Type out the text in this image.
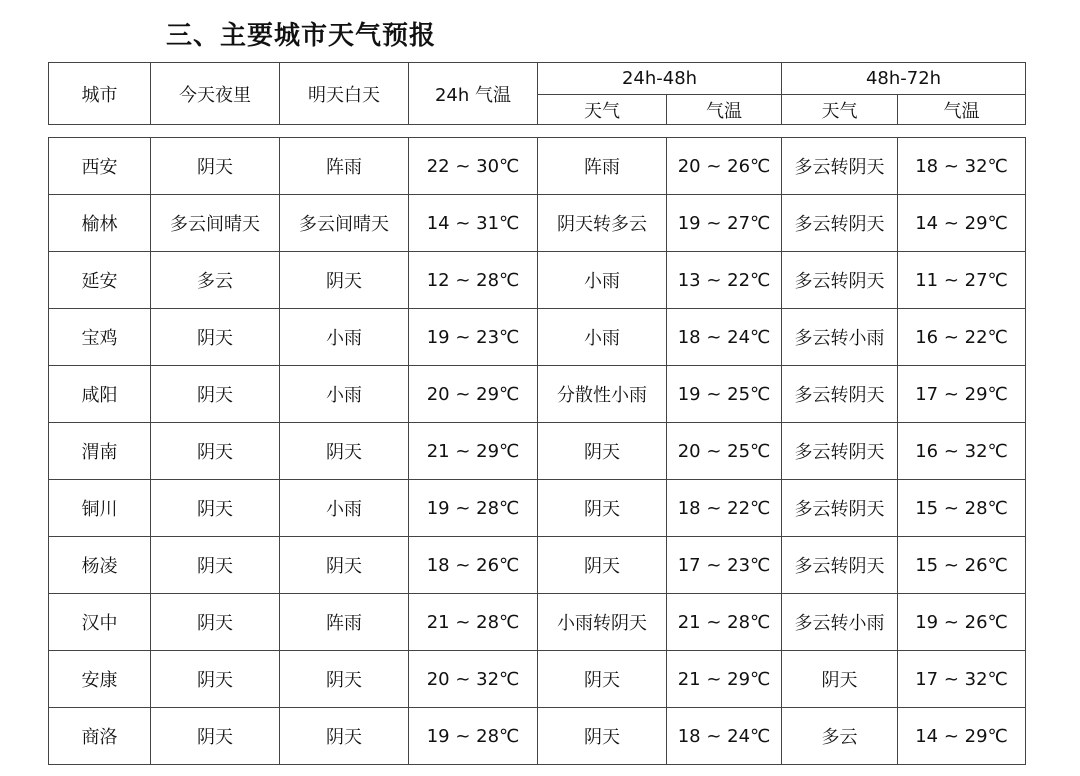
三、主要城市天气预报
城市	今天夜里	明天白天	24h 气温	24h-48h		48h-72h	
				天气	气温	天气	气温

西安	阴天	阵雨	22 ~ 30℃	阵雨	20 ~ 26℃	多云转阴天	18 ~ 32℃
榆林	多云间晴天	多云间晴天	14 ~ 31℃	阴天转多云	19 ~ 27℃	多云转阴天	14 ~ 29℃
延安	多云	阴天	12 ~ 28℃	小雨	13 ~ 22℃	多云转阴天	11 ~ 27℃
宝鸡	阴天	小雨	19 ~ 23℃	小雨	18 ~ 24℃	多云转小雨	16 ~ 22℃
咸阳	阴天	小雨	20 ~ 29℃	分散性小雨	19 ~ 25℃	多云转阴天	17 ~ 29℃
渭南	阴天	阴天	21 ~ 29℃	阴天	20 ~ 25℃	多云转阴天	16 ~ 32℃
铜川	阴天	小雨	19 ~ 28℃	阴天	18 ~ 22℃	多云转阴天	15 ~ 28℃
杨凌	阴天	阴天	18 ~ 26℃	阴天	17 ~ 23℃	多云转阴天	15 ~ 26℃
汉中	阴天	阵雨	21 ~ 28℃	小雨转阴天	21 ~ 28℃	多云转小雨	19 ~ 26℃
安康	阴天	阴天	20 ~ 32℃	阴天	21 ~ 29℃	阴天	17 ~ 32℃
商洛	阴天	阴天	19 ~ 28℃	阴天	18 ~ 24℃	多云	14 ~ 29℃
